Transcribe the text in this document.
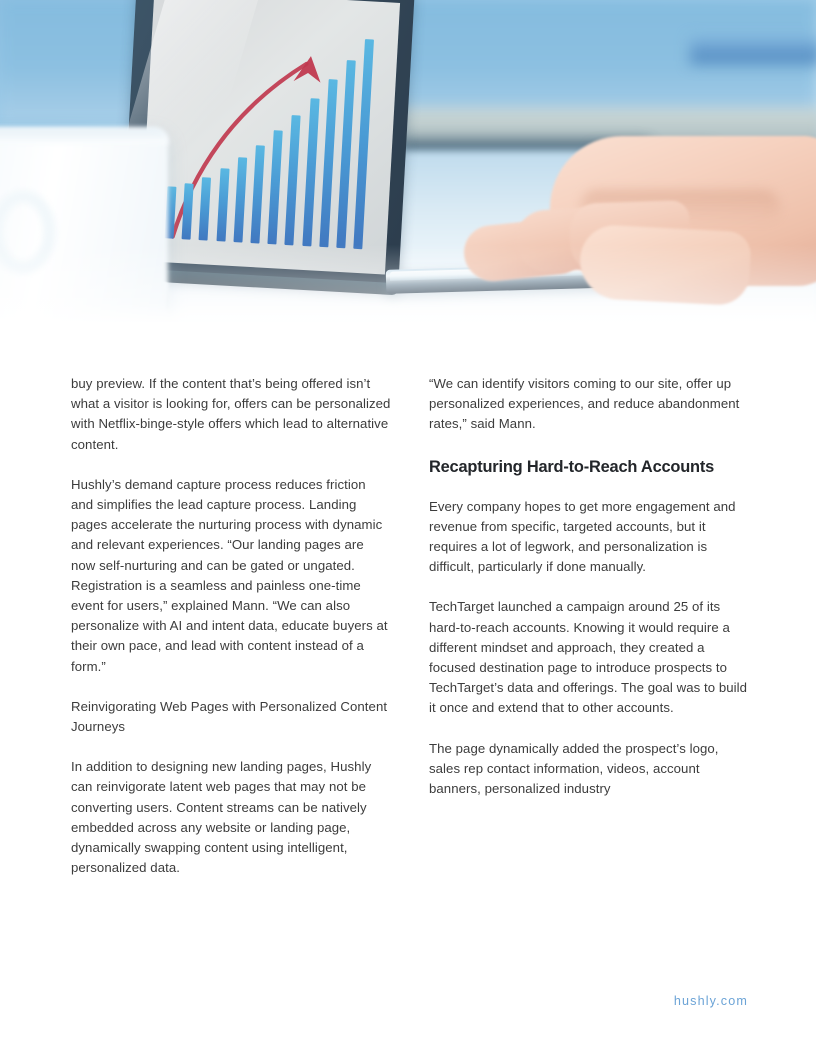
buy preview. If the content that’s being offered isn’t what a visitor is looking for, offers can be personalized with Netflix-binge-style offers which lead to alternative content.

Hushly’s demand capture process reduces friction and simplifies the lead capture process. Landing pages accelerate the nurturing process with dynamic and relevant experiences. “Our landing pages are now self-nurturing and can be gated or ungated. Registration is a seamless and painless one-time event for users,” explained Mann. “We can also personalize with AI and intent data, educate buyers at their own pace, and lead with content instead of a form.”

Reinvigorating Web Pages with Personalized Content Journeys

In addition to designing new landing pages, Hushly can reinvigorate latent web pages that may not be converting users. Content streams can be natively embedded across any website or landing page, dynamically swapping content using intelligent, personalized data.

“We can identify visitors coming to our site, offer up personalized experiences, and reduce abandonment rates,” said Mann.

Recapturing Hard-to-Reach Accounts

Every company hopes to get more engagement and revenue from specific, targeted accounts, but it requires a lot of legwork, and personalization is difficult, particularly if done manually.

TechTarget launched a campaign around 25 of its hard-to-reach accounts. Knowing it would require a different mindset and approach, they created a focused destination page to introduce prospects to TechTarget’s data and offerings. The goal was to build it once and extend that to other accounts.

The page dynamically added the prospect’s logo, sales rep contact information, videos, account banners, personalized industry

hushly.com
